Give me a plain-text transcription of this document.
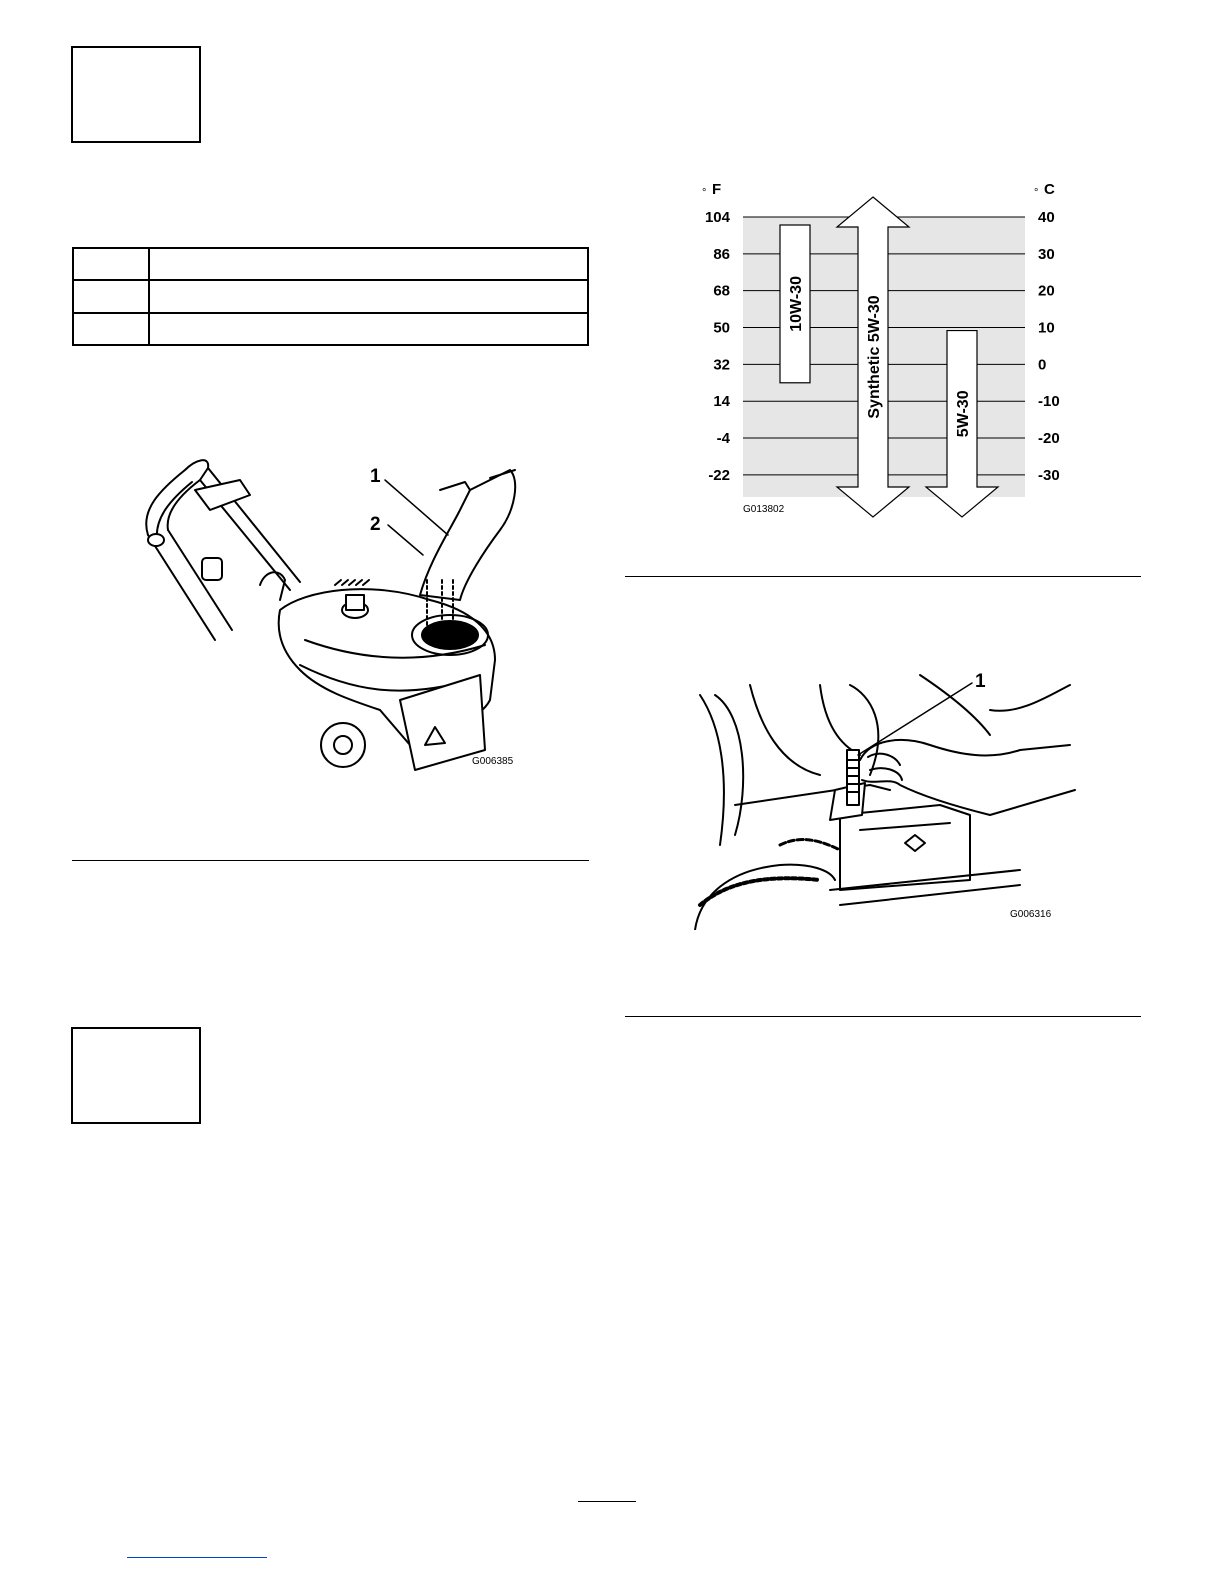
1
2
G006385
10W-30	Synthetic 5W-30	5W-30
104
86
68
50
32
14
-4
-22
40
30
20
10
0
-10
-20
-30
° F	° C
G013802
1
G006316
